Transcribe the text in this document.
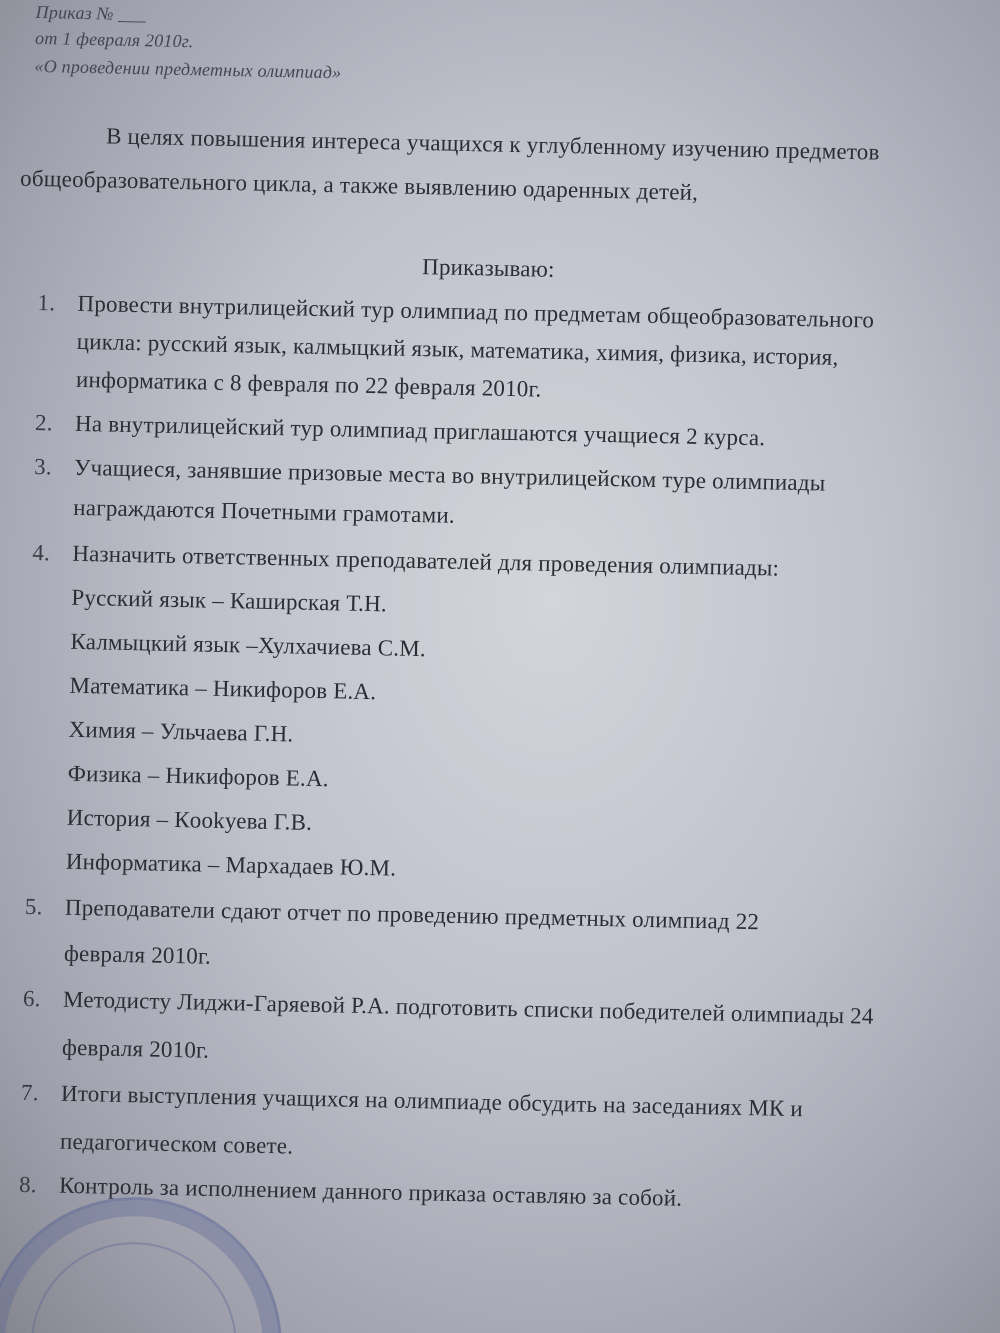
Приказ № ___
от 1 февраля 2010г.
«О проведении предметных олимпиад»
В целях повышения интереса учащихся к углубленному изучению предметов
общеобразовательного цикла, а также выявлению одаренных детей,
Приказываю:
1. Провести внутрилицейский тур олимпиад по предметам общеобразовательного
цикла: русский язык, калмыцкий язык, математика, химия, физика, история,
информатика с 8 февраля по 22 февраля 2010г.
2. На внутрилицейский тур олимпиад приглашаются учащиеся 2 курса.
3. Учащиеся, занявшие призовые места во внутрилицейском туре олимпиады
награждаются Почетными грамотами.
4. Назначить ответственных преподавателей для проведения олимпиады:
Русский язык – Каширская Т.Н.
Калмыцкий язык –Хулхачиева С.М.
Математика – Никифоров Е.А.
Химия – Ульчаева Г.Н.
Физика – Никифоров Е.А.
История – Кookуева Г.В.
Информатика – Мархадаев Ю.М.
5. Преподаватели сдают отчет по проведению предметных олимпиад 22
февраля 2010г.
6. Методисту Лиджи-Гаряевой Р.А. подготовить списки победителей олимпиады 24
февраля 2010г.
7. Итоги выступления учащихся на олимпиаде обсудить на заседаниях МК и
педагогическом совете.
8. Контроль за исполнением данного приказа оставляю за собой.
